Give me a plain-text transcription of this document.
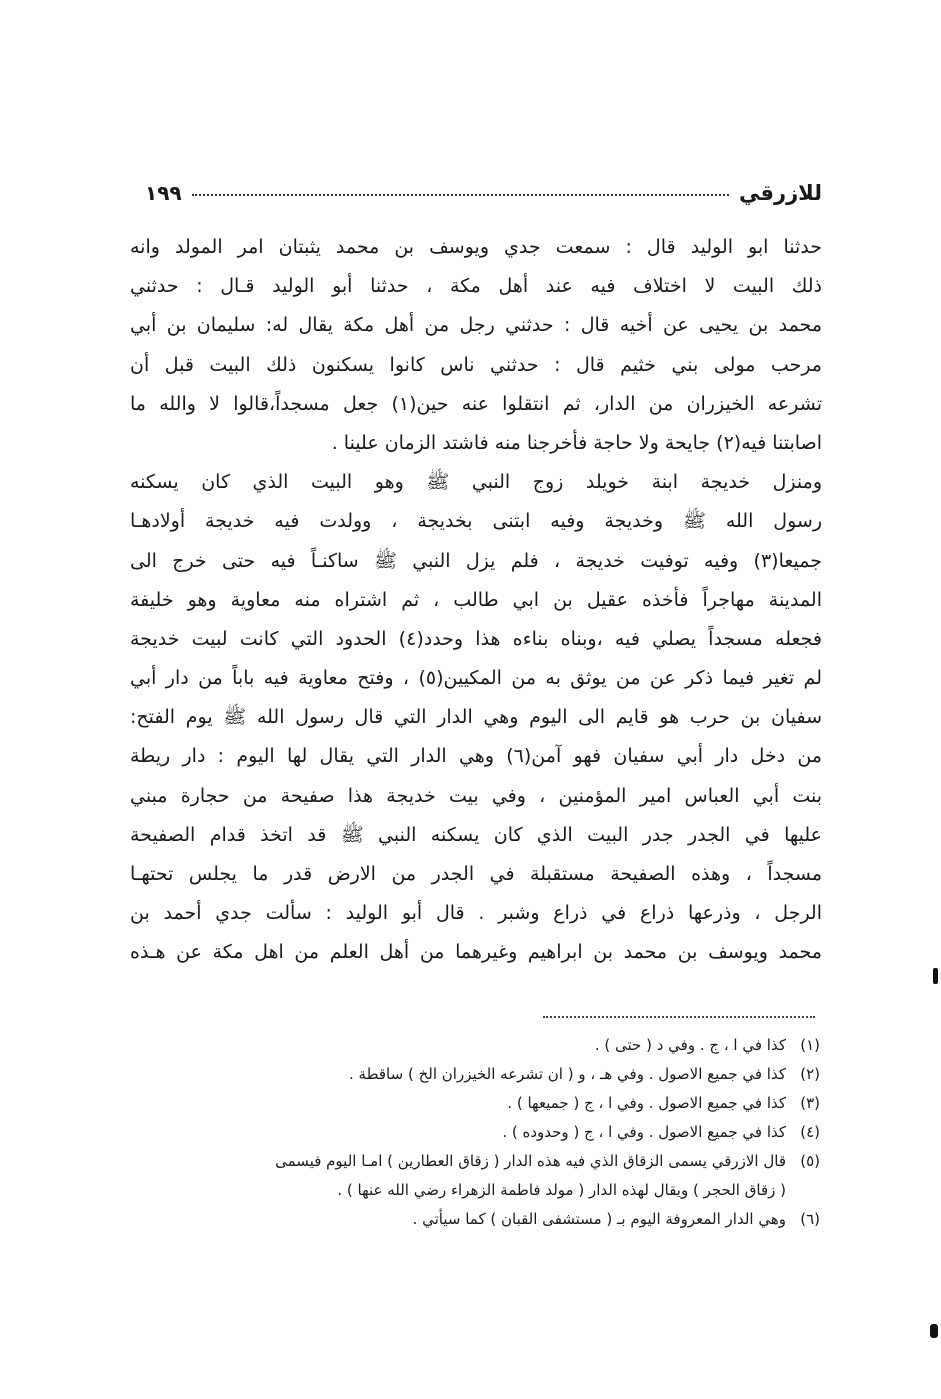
للازرقي
١٩٩
حدثنا ابو الوليد قال : سمعت جدي ويوسف بن محمد يثبتان امر المولد وانه
ذلك البيت لا اختلاف فيه عند أهل مكة ، حدثنا أبو الوليد قـال : حدثني
محمد بن يحيى عن أخيه قال : حدثني رجل من أهل مكة يقال له: سليمان بن أبي
مرحب مولى بني خثيم قال : حدثني ناس كانوا يسكنون ذلك البيت قبل أن
تشرعه الخيزران من الدار، ثم انتقلوا عنه حين(١) جعل مسجداً،قالوا لا والله ما
اصابتنا فيه(٢) جايحة ولا حاجة فأخرجنا منه فاشتد الزمان علينا .
ومنزل خديجة ابنة خويلد زوج النبي ﷺ وهو البيت الذي كان يسكنه
رسول الله ﷺ وخديجة وفيه ابتنى بخديجة ، وولدت فيه خديجة أولادهـا
جميعا(٣) وفيه توفيت خديجة ، فلم يزل النبي ﷺ ساكنـاً فيه حتى خرج الى
المدينة مهاجراً فأخذه عقيل بن ابي طالب ، ثم اشتراه منه معاوية وهو خليفة
فجعله مسجداً يصلي فيه ،وبناه بناءه هذا وحدد(٤) الحدود التي كانت لبيت خديجة
لم تغير فيما ذكر عن من يوثق به من المكيين(٥) ، وفتح معاوية فيه باباً من دار أبي
سفيان بن حرب هو قايم الى اليوم وهي الدار التي قال رسول الله ﷺ يوم الفتح:
من دخل دار أبي سفيان فهو آمن(٦) وهي الدار التي يقال لها اليوم : دار ريطة
بنت أبي العباس امير المؤمنين ، وفي بيت خديجة هذا صفيحة من حجارة مبني
عليها في الجدر جدر البيت الذي كان يسكنه النبي ﷺ قد اتخذ قدام الصفيحة
مسجداً ، وهذه الصفيحة مستقبلة في الجدر من الارض قدر ما يجلس تحتهـا
الرجل ، وذرعها ذراع في ذراع وشبر . قال أبو الوليد : سألت جدي أحمد بن
محمد ويوسف بن محمد بن ابراهيم وغيرهما من أهل العلم من اهل مكة عن هـذه
(١)
كذا في ا ، ج . وفي د ( حتى ) .
(٢)
كذا في جميع الاصول . وفي هـ ، و ( ان تشرعه الخيزران الخ ) ساقطة .
(٣)
كذا في جميع الاصول . وفي ا ، ج ( جميعها ) .
(٤)
كذا في جميع الاصول . وفي ا ، ج ( وحدوده ) .
(٥)
قال الازرقي يسمى الزقاق الذي فيه هذه الدار ( زقاق العطارين ) امـا اليوم فيسمى
( زقاق الحجر ) ويقال لهذه الدار ( مولد فاطمة الزهراء رضي الله عنها ) .
(٦)
وهي الدار المعروفة اليوم بـ ( مستشفى القبان ) كما سيأتي .
